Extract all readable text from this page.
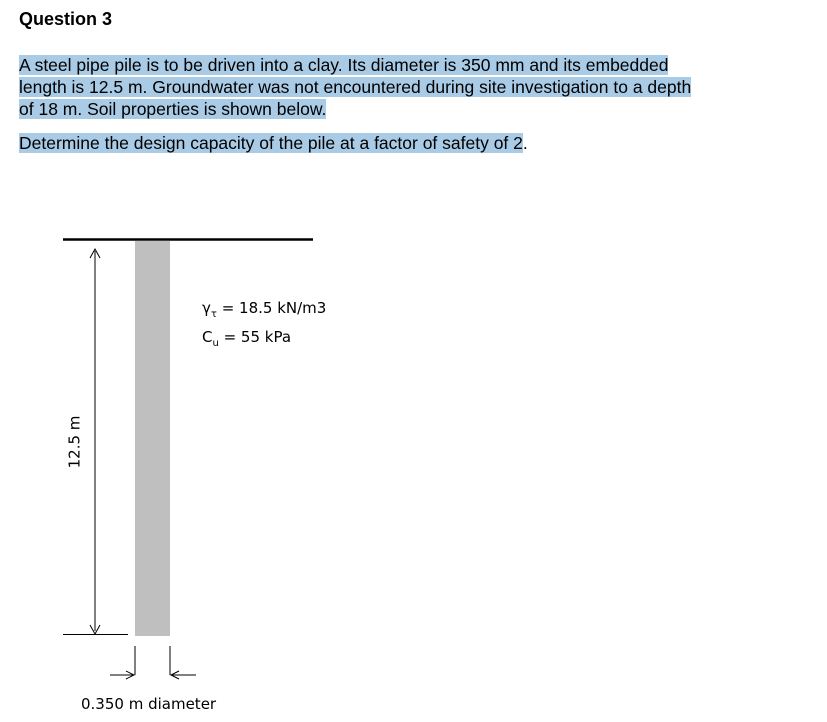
Question 3
A steel pipe pile is to be driven into a clay. Its diameter is 350 mm and its embedded
length is 12.5 m. Groundwater was not encountered during site investigation to a depth
of 18 m. Soil properties is shown below.
Determine the design capacity of the pile at a factor of safety of 2.
$\gamma_\tau = 18.5$ kN/m3
$C_u = 55$ kPa
12.5 m
0.350 m diameter
